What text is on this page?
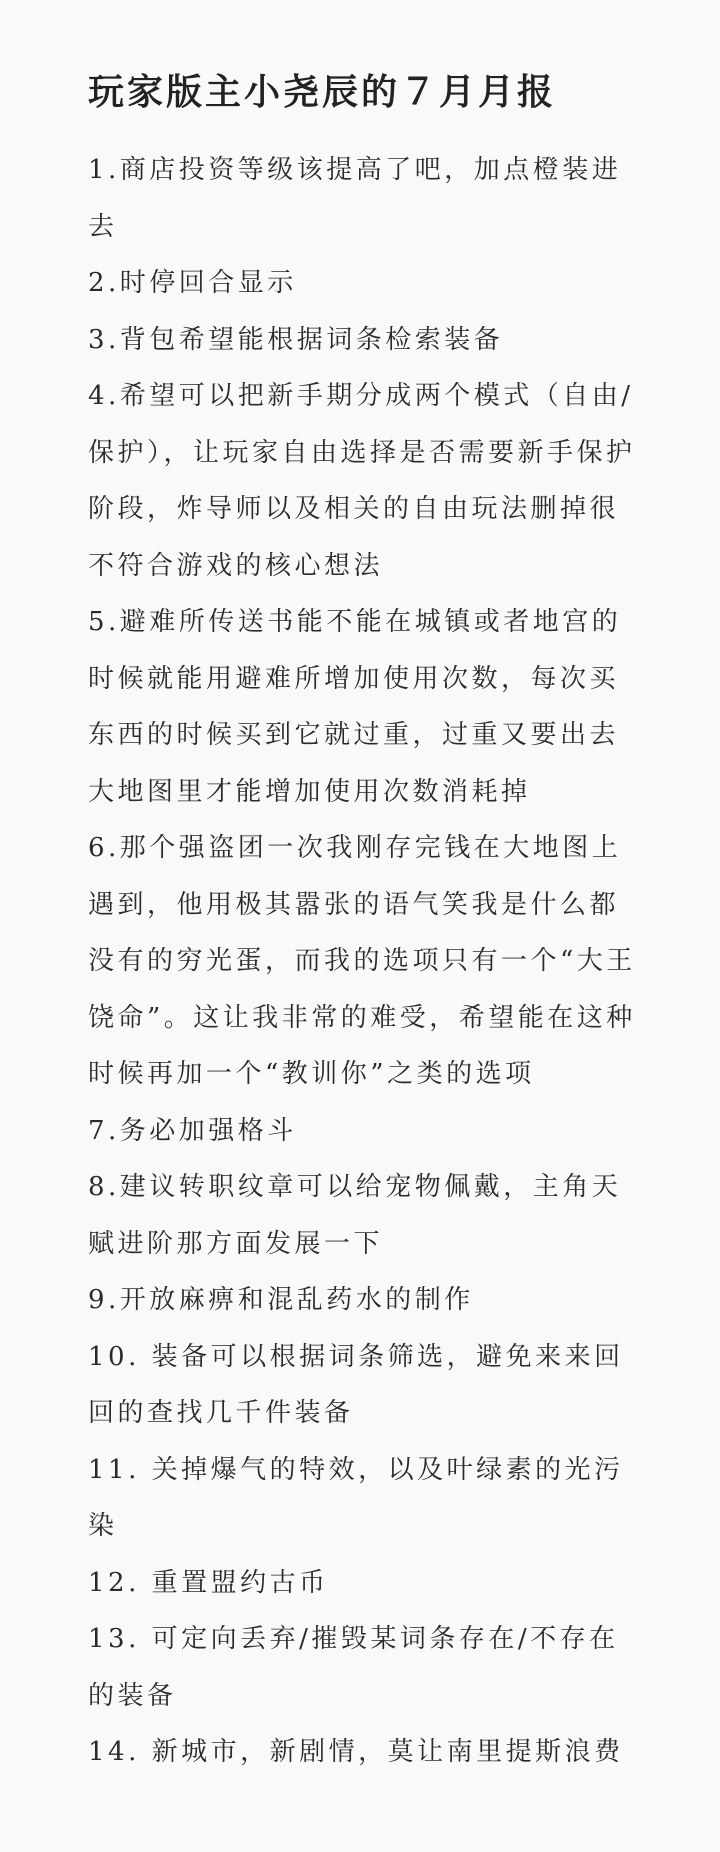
玩家版主小尧辰的７月月报
1.商店投资等级该提高了吧，加点橙装进去
2.时停回合显示
3.背包希望能根据词条检索装备
4.希望可以把新手期分成两个模式（自由/保护），让玩家自由选择是否需要新手保护阶段，炸导师以及相关的自由玩法删掉很不符合游戏的核心想法
5.避难所传送书能不能在城镇或者地宫的时候就能用避难所增加使用次数，每次买东西的时候买到它就过重，过重又要出去大地图里才能增加使用次数消耗掉
6.那个强盗团一次我刚存完钱在大地图上遇到，他用极其嚣张的语气笑我是什么都没有的穷光蛋，而我的选项只有一个“大王饶命”。这让我非常的难受，希望能在这种时候再加一个“教训你”之类的选项
7.务必加强格斗
8.建议转职纹章可以给宠物佩戴，主角天赋进阶那方面发展一下
9.开放麻痹和混乱药水的制作
10. 装备可以根据词条筛选，避免来来回回的查找几千件装备
11. 关掉爆气的特效，以及叶绿素的光污染
12. 重置盟约古币
13. 可定向丢弃/摧毁某词条存在/不存在的装备
14. 新城市，新剧情，莫让南里提斯浪费
